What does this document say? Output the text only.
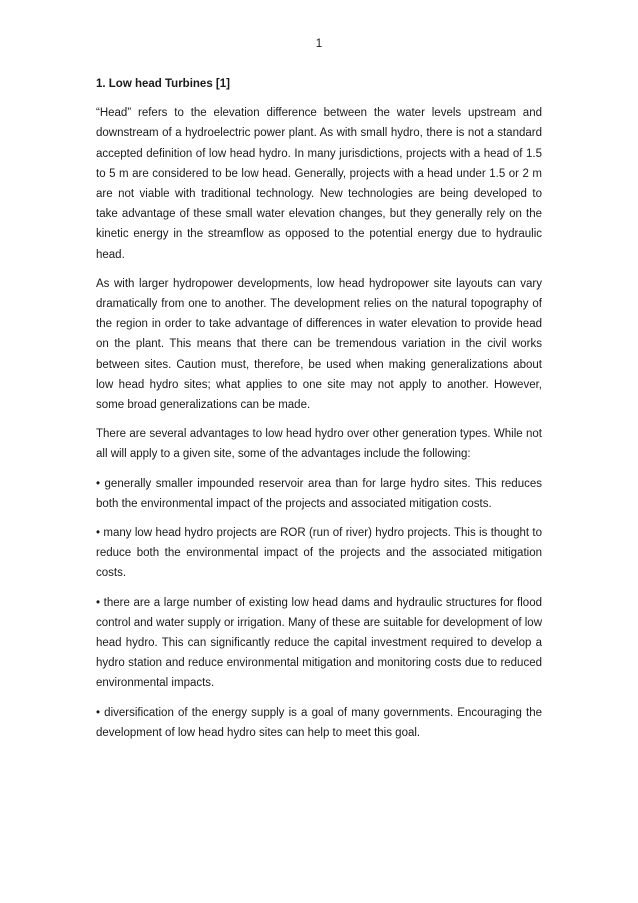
1

1. Low head Turbines [1]

“Head” refers to the elevation difference between the water levels upstream and downstream of a hydroelectric power plant. As with small hydro, there is not a standard accepted definition of low head hydro. In many jurisdictions, projects with a head of 1.5 to 5 m are considered to be low head. Generally, projects with a head under 1.5 or 2 m are not viable with traditional technology. New technologies are being developed to take advantage of these small water elevation changes, but they generally rely on the kinetic energy in the streamflow as opposed to the potential energy due to hydraulic head.

As with larger hydropower developments, low head hydropower site layouts can vary dramatically from one to another. The development relies on the natural topography of the region in order to take advantage of differences in water elevation to provide head on the plant. This means that there can be tremendous variation in the civil works between sites. Caution must, therefore, be used when making generalizations about low head hydro sites; what applies to one site may not apply to another. However, some broad generalizations can be made.

There are several advantages to low head hydro over other generation types. While not all will apply to a given site, some of the advantages include the following:

• generally smaller impounded reservoir area than for large hydro sites. This reduces both the environmental impact of the projects and associated mitigation costs.

• many low head hydro projects are ROR (run of river) hydro projects. This is thought to reduce both the environmental impact of the projects and the associated mitigation costs.

• there are a large number of existing low head dams and hydraulic structures for flood control and water supply or irrigation. Many of these are suitable for development of low head hydro. This can significantly reduce the capital investment required to develop a hydro station and reduce environmental mitigation and monitoring costs due to reduced environmental impacts.

• diversification of the energy supply is a goal of many governments. Encouraging the development of low head hydro sites can help to meet this goal.
